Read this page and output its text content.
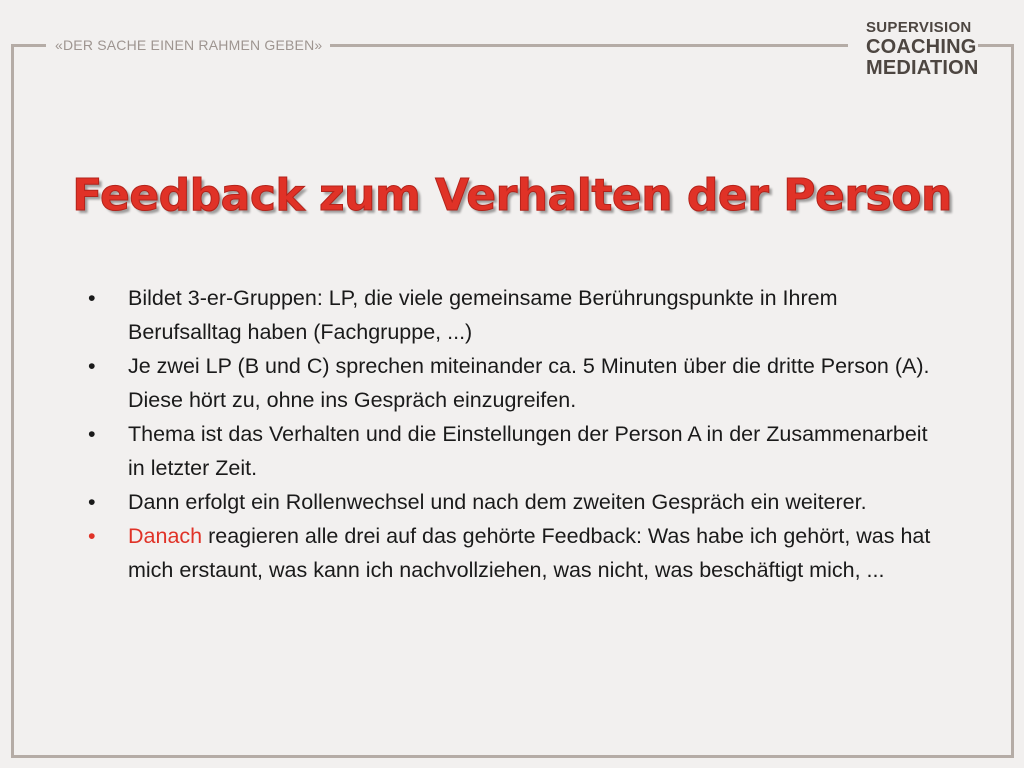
«DER SACHE EINEN RAHMEN GEBEN»
SUPERVISION
COACHING
MEDIATION
Feedback zum Verhalten der Person
•	Bildet 3-er-Gruppen: LP, die viele gemeinsame Berührungspunkte in Ihrem Berufsalltag haben (Fachgruppe, ...)
•	Je zwei LP (B und C) sprechen miteinander ca. 5 Minuten über die dritte Person (A). Diese hört zu, ohne ins Gespräch einzugreifen.
•	Thema ist das Verhalten und die Einstellungen der Person A in der Zusammenarbeit in letzter Zeit.
•	Dann erfolgt ein Rollenwechsel und nach dem zweiten Gespräch ein weiterer.
•	Danach reagieren alle drei auf das gehörte Feedback: Was habe ich gehört, was hat mich erstaunt, was kann ich nachvollziehen, was nicht, was beschäftigt mich, ...
